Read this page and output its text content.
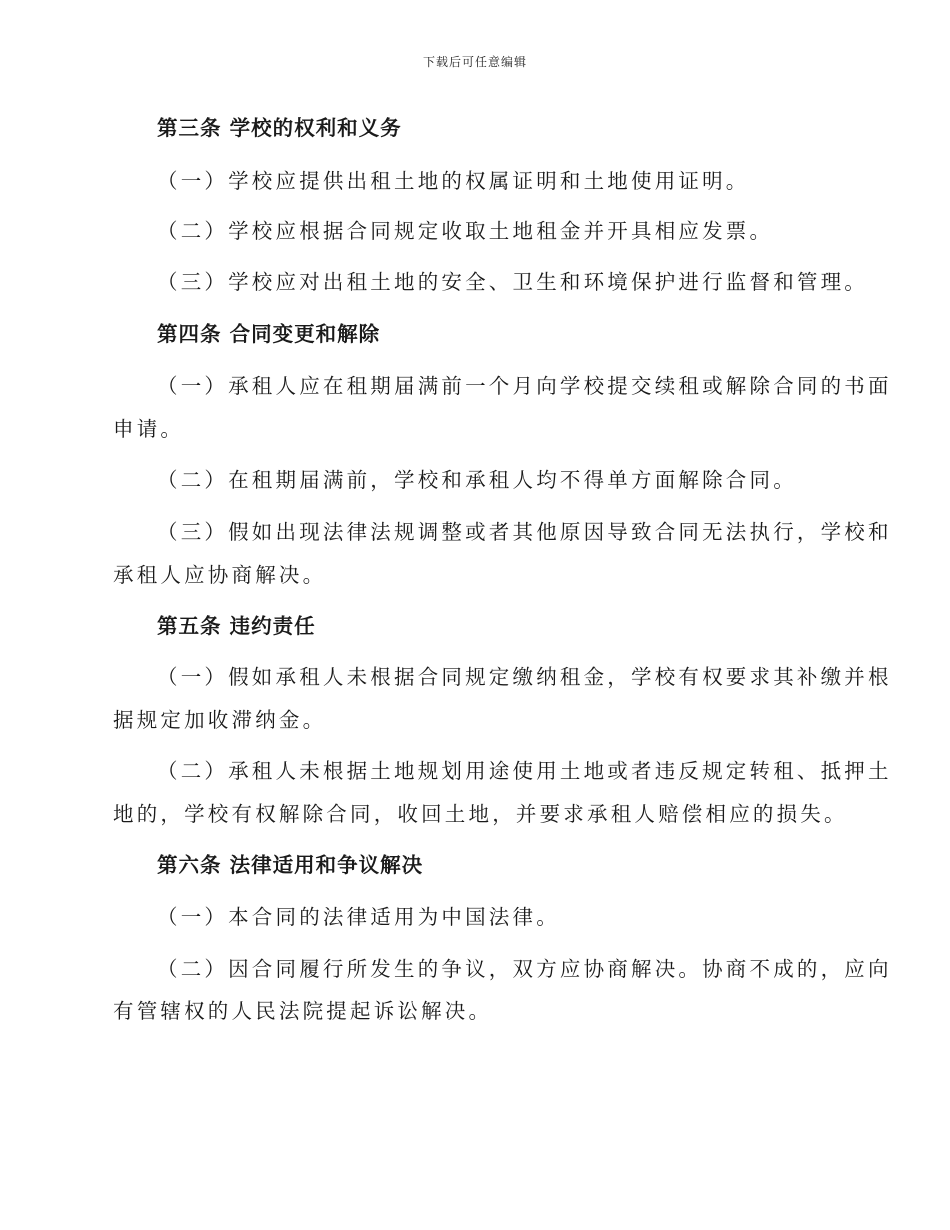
下载后可任意编辑
第三条 学校的权利和义务
（一）学校应提供出租土地的权属证明和土地使用证明。
（二）学校应根据合同规定收取土地租金并开具相应发票。
（三）学校应对出租土地的安全、卫生和环境保护进行监督和管理。
第四条 合同变更和解除
（一）承租人应在租期届满前一个月向学校提交续租或解除合同的书面
申请。
（二）在租期届满前，学校和承租人均不得单方面解除合同。
（三）假如出现法律法规调整或者其他原因导致合同无法执行，学校和
承租人应协商解决。
第五条 违约责任
（一）假如承租人未根据合同规定缴纳租金，学校有权要求其补缴并根
据规定加收滞纳金。
（二）承租人未根据土地规划用途使用土地或者违反规定转租、抵押土
地的，学校有权解除合同，收回土地，并要求承租人赔偿相应的损失。
第六条 法律适用和争议解决
（一）本合同的法律适用为中国法律。
（二）因合同履行所发生的争议，双方应协商解决。协商不成的，应向
有管辖权的人民法院提起诉讼解决。
